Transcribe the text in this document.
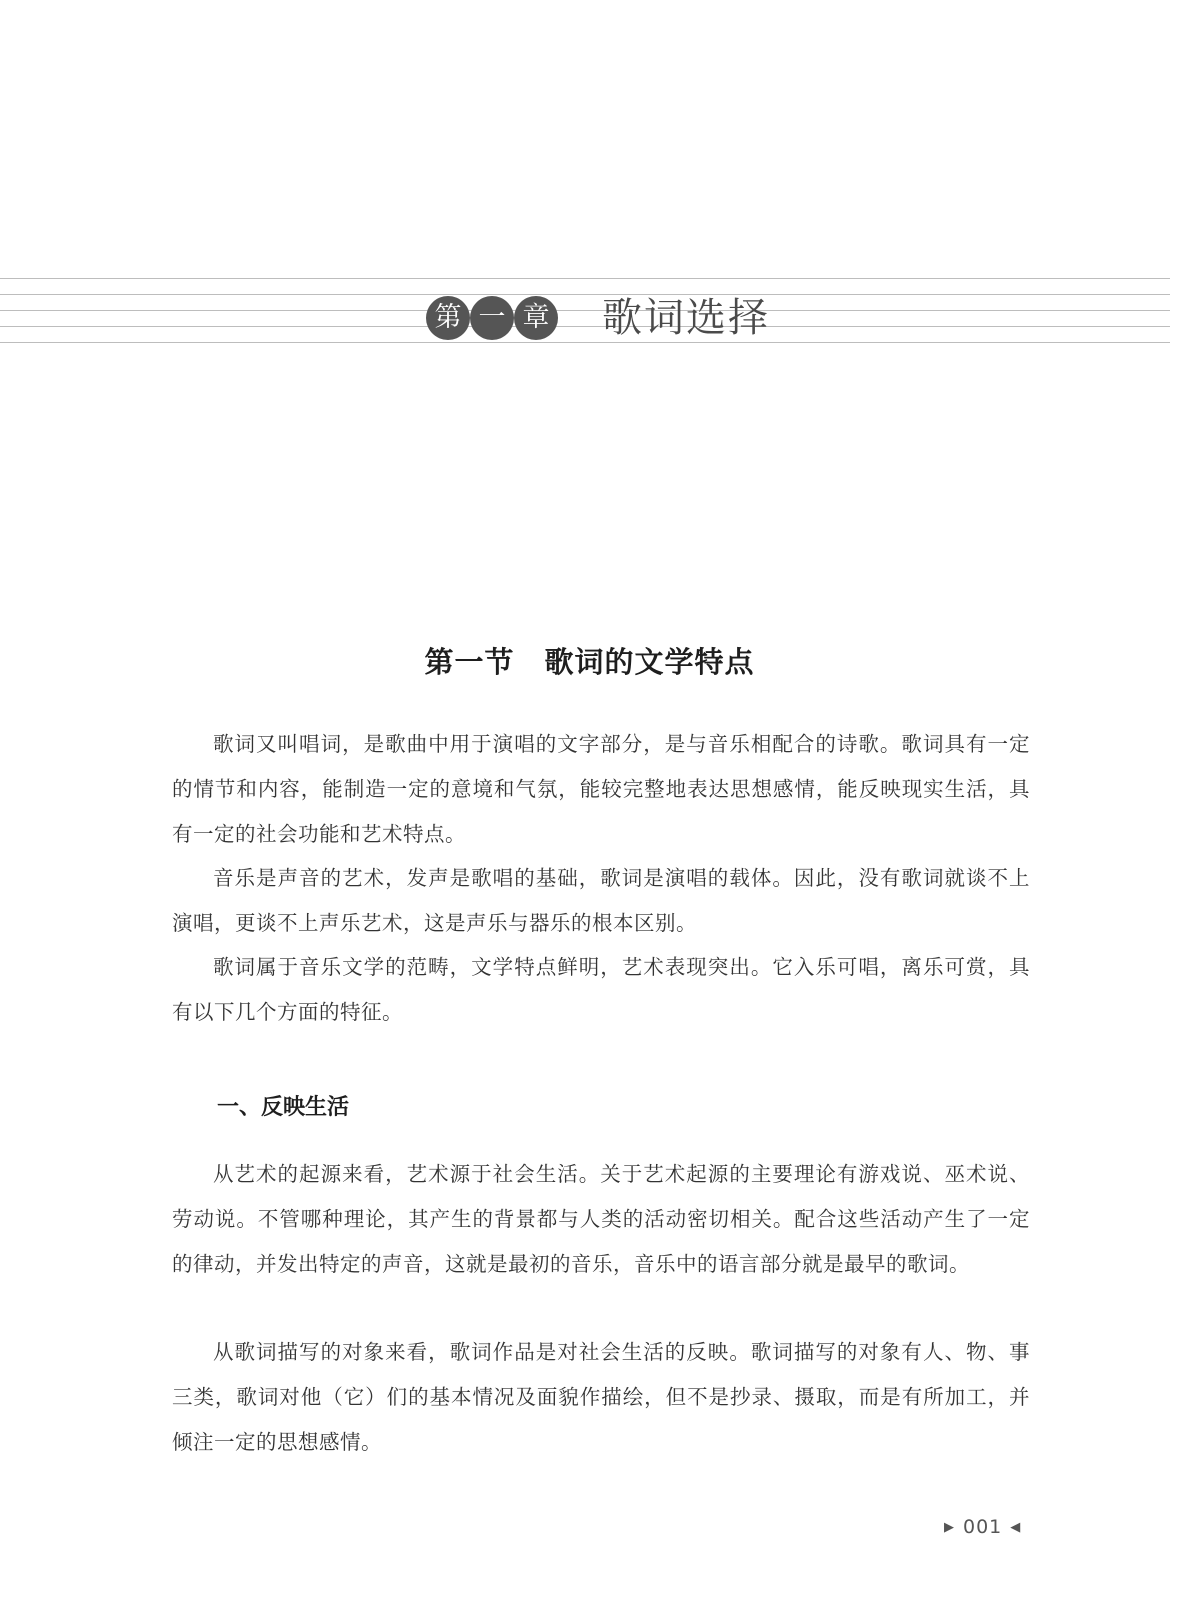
第 一 章 歌词选择
第一节 歌词的文学特点

歌词又叫唱词，是歌曲中用于演唱的文字部分，是与音乐相配合的诗歌。歌词具有一定的情节和内容，能制造一定的意境和气氛，能较完整地表达思想感情，能反映现实生活，具有一定的社会功能和艺术特点。

音乐是声音的艺术，发声是歌唱的基础，歌词是演唱的载体。因此，没有歌词就谈不上演唱，更谈不上声乐艺术，这是声乐与器乐的根本区别。

歌词属于音乐文学的范畴，文学特点鲜明，艺术表现突出。它入乐可唱，离乐可赏，具有以下几个方面的特征。

一、反映生活

从艺术的起源来看，艺术源于社会生活。关于艺术起源的主要理论有游戏说、巫术说、劳动说。不管哪种理论，其产生的背景都与人类的活动密切相关。配合这些活动产生了一定的律动，并发出特定的声音，这就是最初的音乐，音乐中的语言部分就是最早的歌词。

从歌词描写的对象来看，歌词作品是对社会生活的反映。歌词描写的对象有人、物、事三类，歌词对他（它）们的基本情况及面貌作描绘，但不是抄录、摄取，而是有所加工，并倾注一定的思想感情。

▶ 001 ◀
